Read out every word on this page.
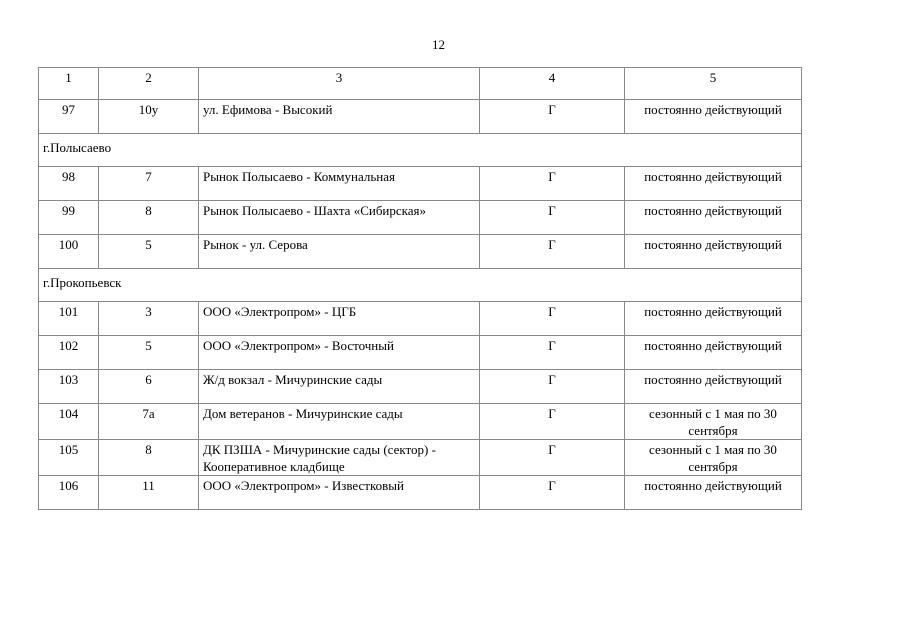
12
1	2	3	4	5
97	10у	ул. Ефимова - Высокий	Г	постоянно действующий
г.Полысаево				
98	7	Рынок Полысаево - Коммунальная	Г	постоянно действующий
99	8	Рынок Полысаево - Шахта «Сибирская»	Г	постоянно действующий
100	5	Рынок - ул. Серова	Г	постоянно действующий
г.Прокопьевск				
101	3	ООО «Электропром» - ЦГБ	Г	постоянно действующий
102	5	ООО «Электропром» - Восточный	Г	постоянно действующий
103	6	Ж/д вокзал - Мичуринские сады	Г	постоянно действующий
104	7а	Дом ветеранов - Мичуринские сады	Г	сезонный с 1 мая по 30 сентября
105	8	ДК ПЗША - Мичуринские сады (сектор) - Кооперативное кладбище	Г	сезонный с 1 мая по 30 сентября
106	11	ООО «Электропром» - Известковый	Г	постоянно действующий
